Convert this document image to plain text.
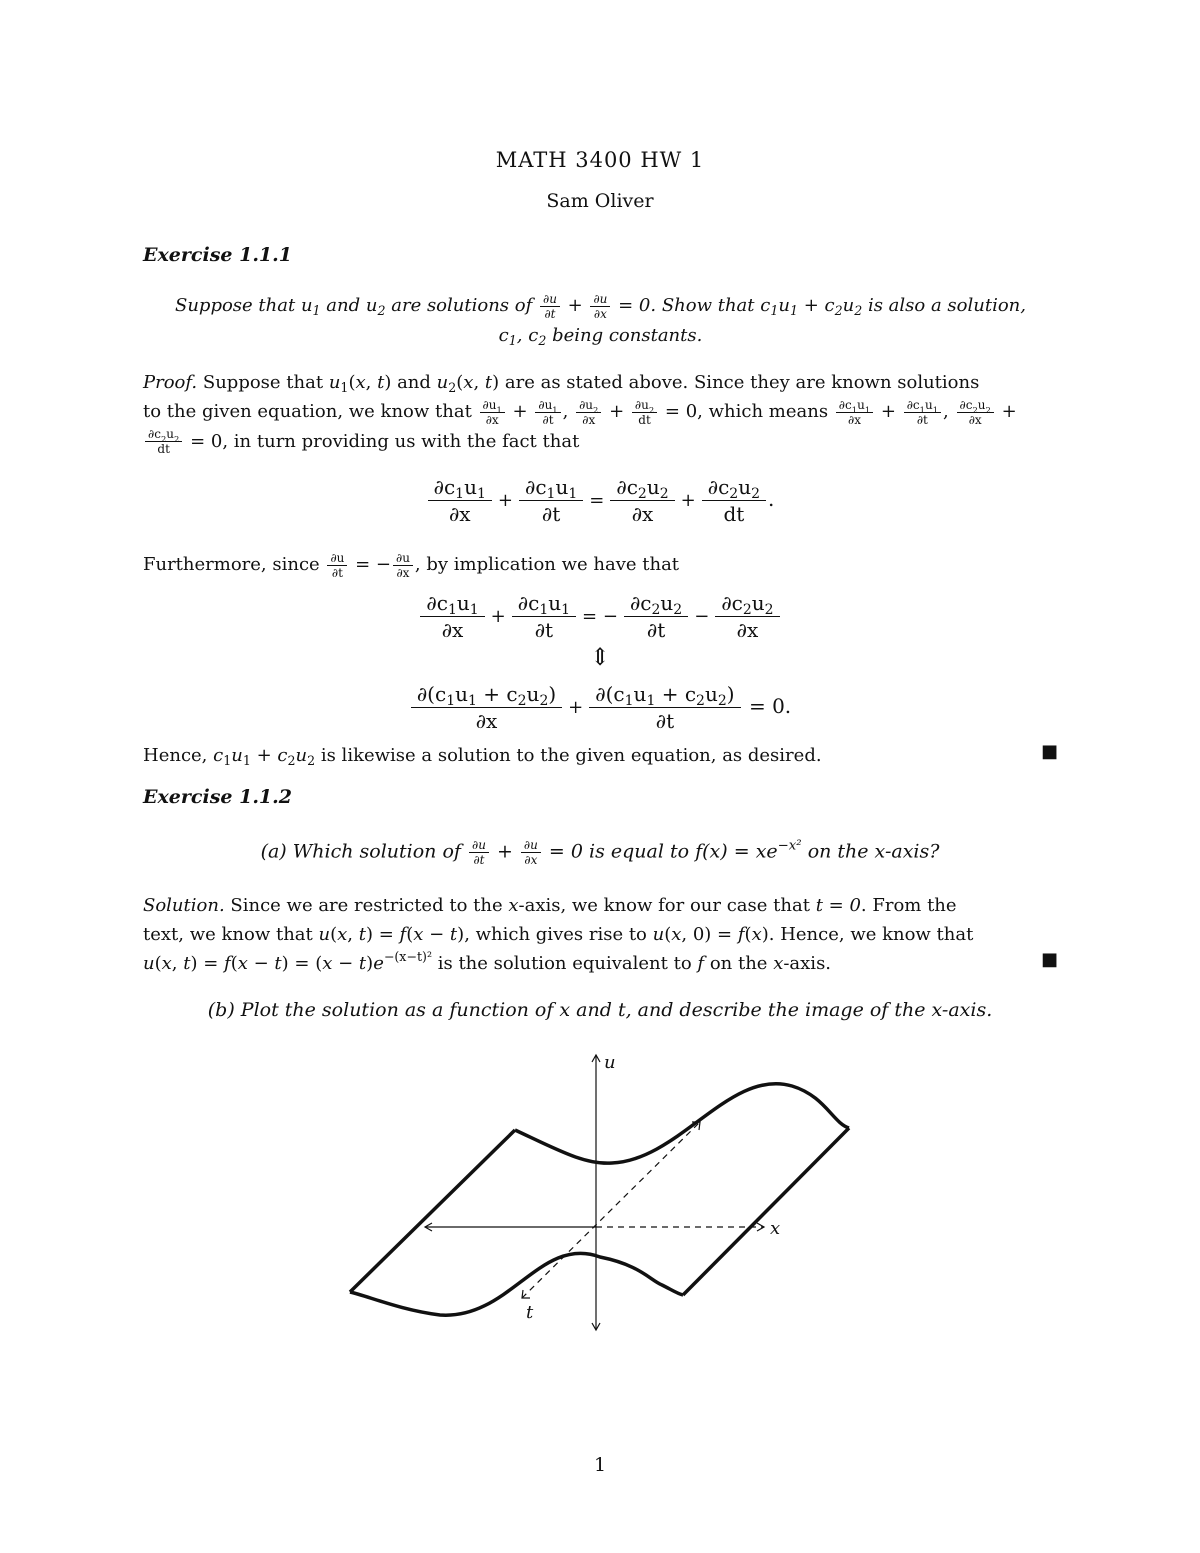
MATH 3400 HW 1
Sam Oliver
Exercise 1.1.1
Suppose that $u_1$ and $u_2$ are solutions of $\frac{\partial u}{\partial t} + \frac{\partial u}{\partial x} = 0$. Show that $c_1u_1 + c_2u_2$ is also a solution,
$c_1$, $c_2$ being constants.
Proof. Suppose that $u_1(x$, t) and $u_2(x$, t) are as stated above. Since they are known solutions
to the given equation, we know that $\frac{\partial u_1}{\partial x} + \frac{\partial u_1}{\partial t}$ , $\frac{\partial u_2}{\partial x} + \frac{\partial u_2}{dt} = 0$, which means $\frac{\partial c_1u_1}{\partial x} + \frac{\partial c_1u_1}{\partial t}$ , $\frac{\partial c_2u_2}{\partial x}$ +

$\frac{\partial c_2u_2}{dt} = 0$, in turn providing us with the fact that
$\frac{\partial c_1u_1}{\partial x} + \frac{\partial c_1u_1}{\partial t} = \frac{\partial c_2u_2}{\partial x} + \frac{\partial c_2u_2}{dt}$ .
Furthermore, since $\frac{\partial u}{\partial t}$ = − $\frac{\partial u}{\partial x}$ , by implication we have that
$\frac{\partial c_1u_1}{\partial x} + \frac{\partial c_1u_1}{\partial t}$ = − $\frac{\partial c_2u_2}{\partial t} - \frac{\partial c_2u_2}{\partial x}$
⇕
$\frac{\partial(c_1u_1 + c_2u_2)}{\partial x} + \frac{\partial(c_1u_1 + c_2u_2)}{\partial t} = 0$.
Hence, $c_1u_1 + c_2u_2$ is likewise a solution to the given equation, as desired.	■
Exercise 1.1.2
(a) Which solution of $\frac{\partial u}{\partial t} + \frac{\partial u}{\partial x} = 0$ is equal to $f(x) = xe^{-x^2}$ on the x-axis?
Solution. Since we are restricted to the x-axis, we know for our case that t = 0. From the
text, we know that u(x, t) = f(x − t), which gives rise to u(x, 0) = f(x). Hence, we know that
u(x, $t) = f(x - t) = (x - t)e^{-(x-t)^2}$ is the solution equivalent to f on the x-axis.	■
(b) Plot the solution as a function of x and t, and describe the image of the x-axis.
u
x
t
1
